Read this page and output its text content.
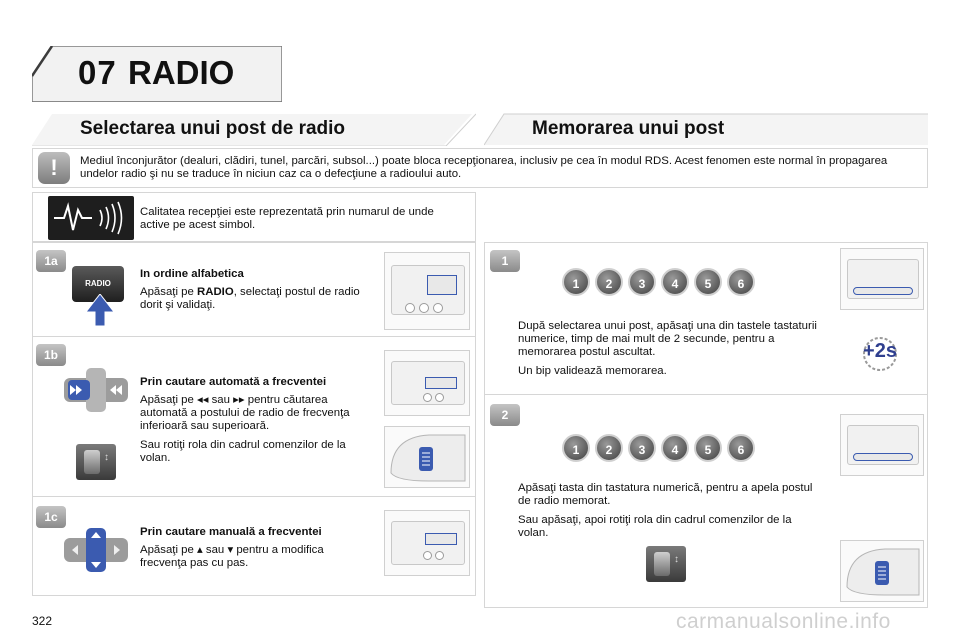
07 RADIO
Selectarea unui post de radio	Memorarea unui post
!	Mediul înconjurător (dealuri, clădiri, tunel, parcări, subsol...) poate bloca recepţionarea, inclusiv pe cea în modul RDS. Acest fenomen este normal în propagarea undelor radio şi nu se traduce în niciun caz ca o defecţiune a radioului auto.
Calitatea recepţiei este reprezentată prin numarul de unde active pe acest simbol.
1a
RADIO
In ordine alfabetica
Apăsaţi pe RADIO, selectaţi postul de radio dorit şi validaţi.
1b
Prin cautare automată a frecventei
Apăsaţi pe ◂◂ sau ▸▸ pentru căutarea automată a postului de radio de frecvenţa inferioară sau superioară.
Sau rotiţi rola din cadrul comenzilor de la volan.
↕
1c
Prin cautare manuală a frecventei
Apăsaţi pe ▴ sau ▾ pentru a modifica frecvenţa pas cu pas.
1
1	2	3	4	5	6
După selectarea unui post, apăsaţi una din tastele tastaturii numerice, timp de mai mult de 2 secunde, pentru a memorarea postul ascultat.
Un bip validează memorarea.
+2s
2
1	2	3	4	5	6
Apăsaţi tasta din tastatura numerică, pentru a apela postul de radio memorat.
Sau apăsaţi, apoi rotiţi rola din cadrul comenzilor de la volan.
↕
322	carmanualsonline.info
